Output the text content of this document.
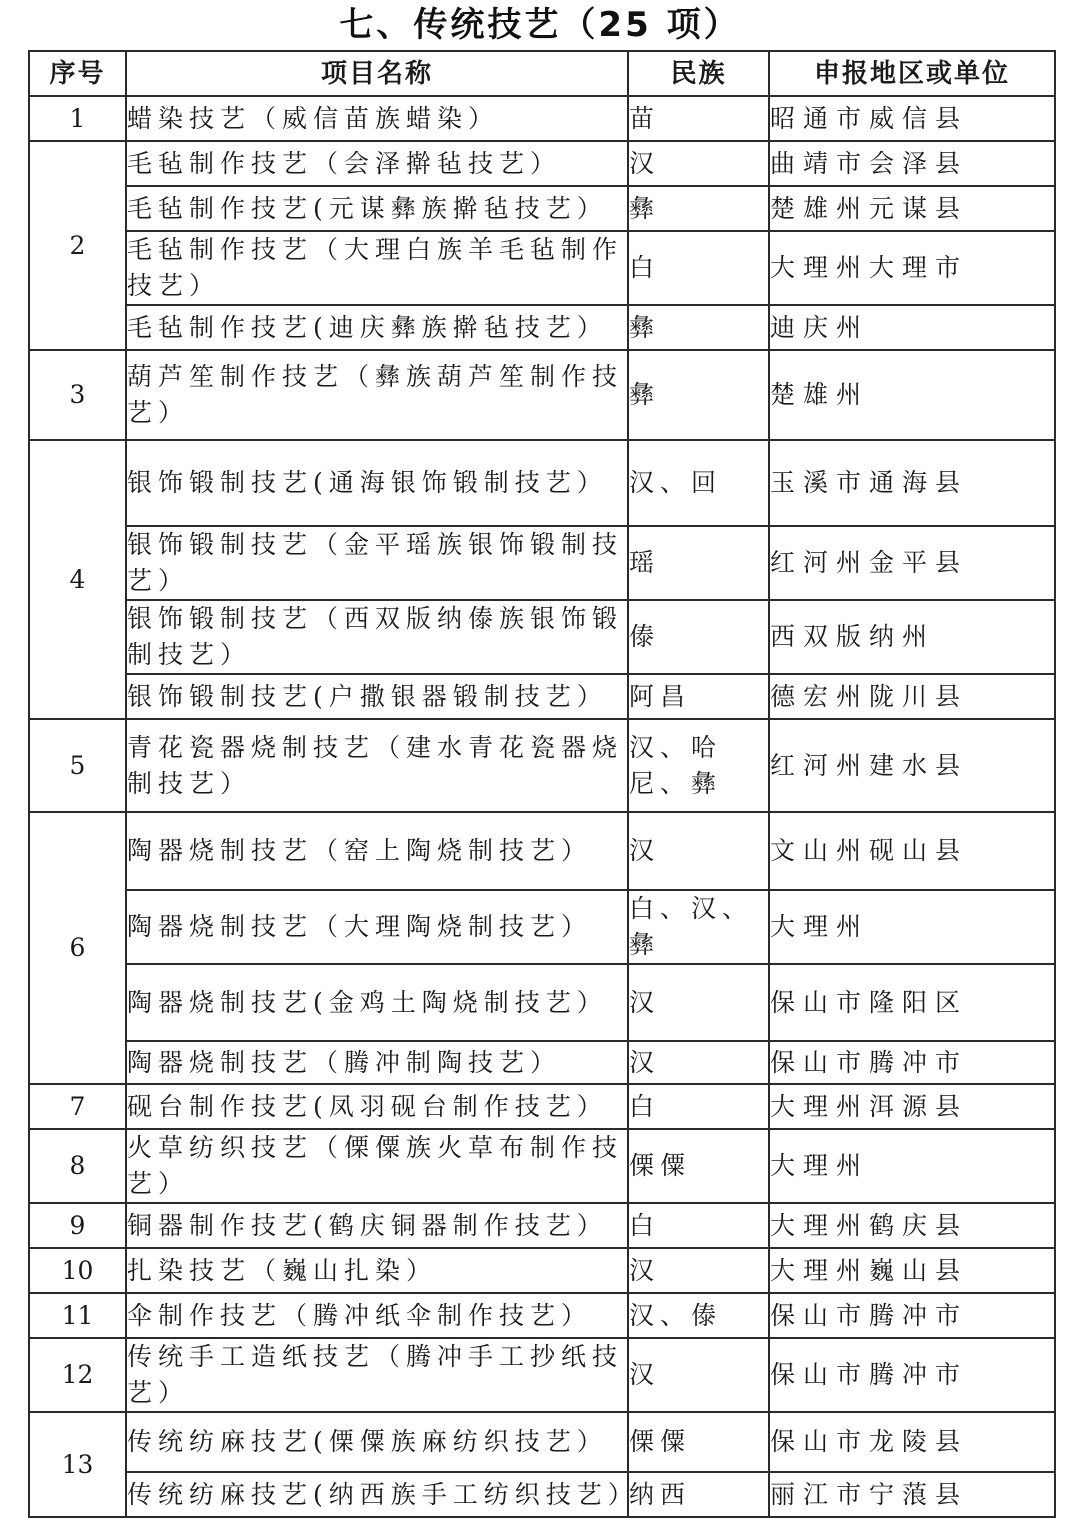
七、传统技艺（25 项）
序号	项目名称	民族	申报地区或单位
1	蜡染技艺（威信苗族蜡染）	苗	昭通市威信县
2	毛毡制作技艺（会泽擀毡技艺）	汉	曲靖市会泽县
	毛毡制作技艺(元谋彝族擀毡技艺）	彝	楚雄州元谋县
	毛毡制作技艺（大理白族羊毛毡制作技艺）	白	大理州大理市
	毛毡制作技艺(迪庆彝族擀毡技艺）	彝	迪庆州
3	葫芦笙制作技艺（彝族葫芦笙制作技艺）	彝	楚雄州
4	银饰锻制技艺(通海银饰锻制技艺）	汉、回	玉溪市通海县
	银饰锻制技艺（金平瑶族银饰锻制技艺）	瑶	红河州金平县
	银饰锻制技艺（西双版纳傣族银饰锻制技艺）	傣	西双版纳州
	银饰锻制技艺(户撒银器锻制技艺）	阿昌	德宏州陇川县
5	青花瓷器烧制技艺（建水青花瓷器烧制技艺）	汉、哈尼、彝	红河州建水县
6	陶器烧制技艺（窑上陶烧制技艺）	汉	文山州砚山县
	陶器烧制技艺（大理陶烧制技艺）	白、汉、彝	大理州
	陶器烧制技艺(金鸡土陶烧制技艺）	汉	保山市隆阳区
	陶器烧制技艺（腾冲制陶技艺）	汉	保山市腾冲市
7	砚台制作技艺(凤羽砚台制作技艺）	白	大理州洱源县
8	火草纺织技艺（傈僳族火草布制作技艺）	傈僳	大理州
9	铜器制作技艺(鹤庆铜器制作技艺）	白	大理州鹤庆县
10	扎染技艺（巍山扎染）	汉	大理州巍山县
11	伞制作技艺（腾冲纸伞制作技艺）	汉、傣	保山市腾冲市
12	传统手工造纸技艺（腾冲手工抄纸技艺）	汉	保山市腾冲市
13	传统纺麻技艺(傈僳族麻纺织技艺）	傈僳	保山市龙陵县
	传统纺麻技艺(纳西族手工纺织技艺）	纳西	丽江市宁蒗县
